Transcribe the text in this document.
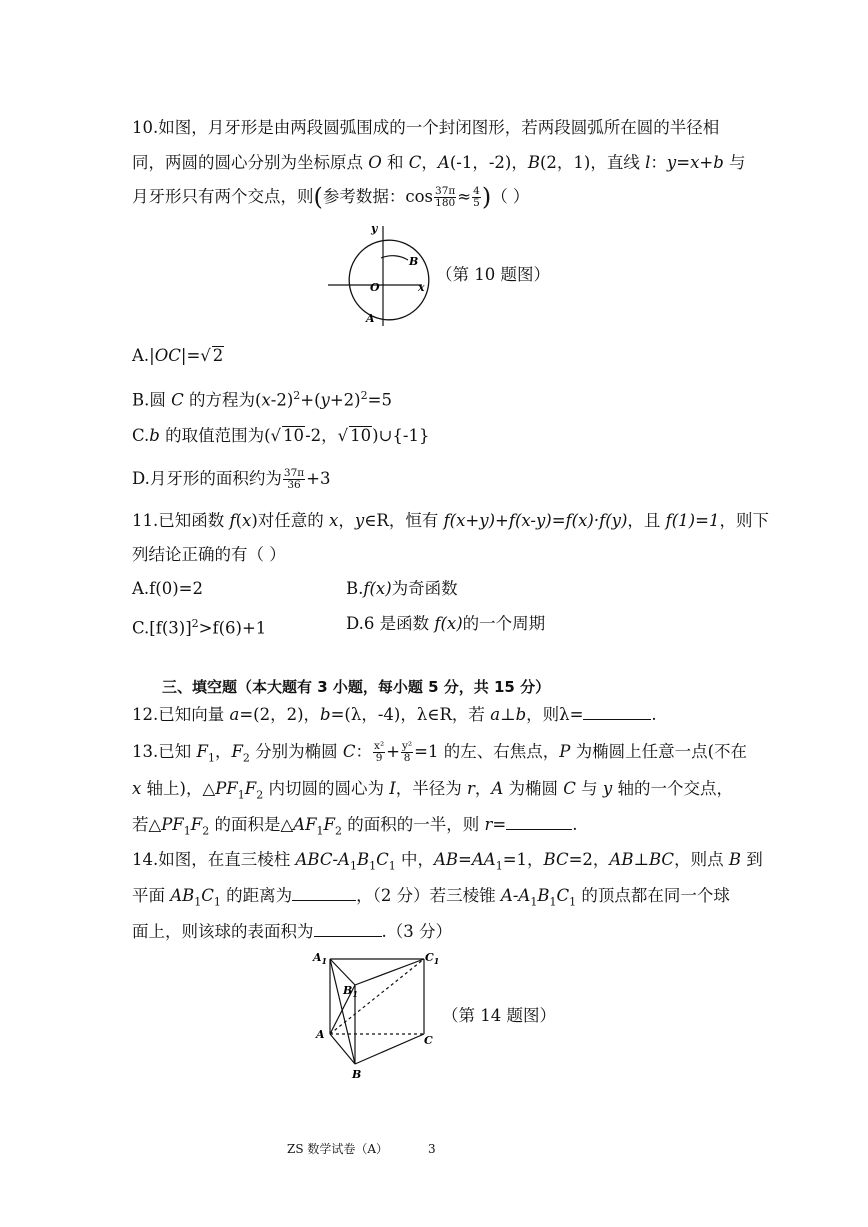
10.如图，月牙形是由两段圆弧围成的一个封闭图形，若两段圆弧所在圆的半径相
同，两圆的圆心分别为坐标原点 O 和 C，A(-1，-2)，B(2，1)，直线 l：y=x+b 与
月牙形只有两个交点，则(参考数据：$\cos \frac{37\pi}{180} \approx \frac{4}{5}$ )（ ）
y
x
O
A
B
（第 10 题图）
A.|OC|=√ 2
B.圆 C 的方程为$(x-2)^2+(y+2)^2=5$
C.b 的取值范围为(√ 10-2，√ 10)∪{-1}
D.月牙形的面积约为 $\frac{37\pi}{36} +3$
11.已知函数 f(x)对任意的 x，y∈R，恒有 f(x+y)+f(x-y)=f(x)·f(y)，且 f(1)=1，则下
列结论正确的有（ ）
A.f(0)=2	B.f(x)为奇函数
$C.[f(3)]^2>f(6)+1$	D.6 是函数 f(x)的一个周期
三、填空题（本大题有 3 小题，每小题 5 分，共 15 分）
12.已知向量 a=(2，2)，b=(λ，-4)，λ∈R，若 a⊥b，则λ=	.
13.已知 $F_1$，$F_2$ 分别为椭圆 C： $\frac{\text{x²}}{9} + \frac{\text{y²}}{8} =1$ 的左、右焦点，P 为椭圆上任意一点(不在
x 轴上)，$\triangle PF_1F_2$ 内切圆的圆心为 I，半径为 r，A 为椭圆 C 与 y 轴的一个交点，
若$\triangle PF_1F_2$ 的面积是$\triangle AF_1F_2$ 的面积的一半，则 r=	.
14.如图，在直三棱柱 ABC-$A_1B_1C_1$ 中，$AB=AA_1=1$，BC=2，AB⊥BC，则点 B 到
平面 $AB_1C_1$ 的距离为	，（2 分）若三棱锥 $A-A_1B_1C_1$ 的顶点都在同一个球
面上，则该球的表面积为	.（3 分）
$A_1$	$C_1$
$B_1$
A	C
B
（第 14 题图）
ZS 数学试卷（A）	3
